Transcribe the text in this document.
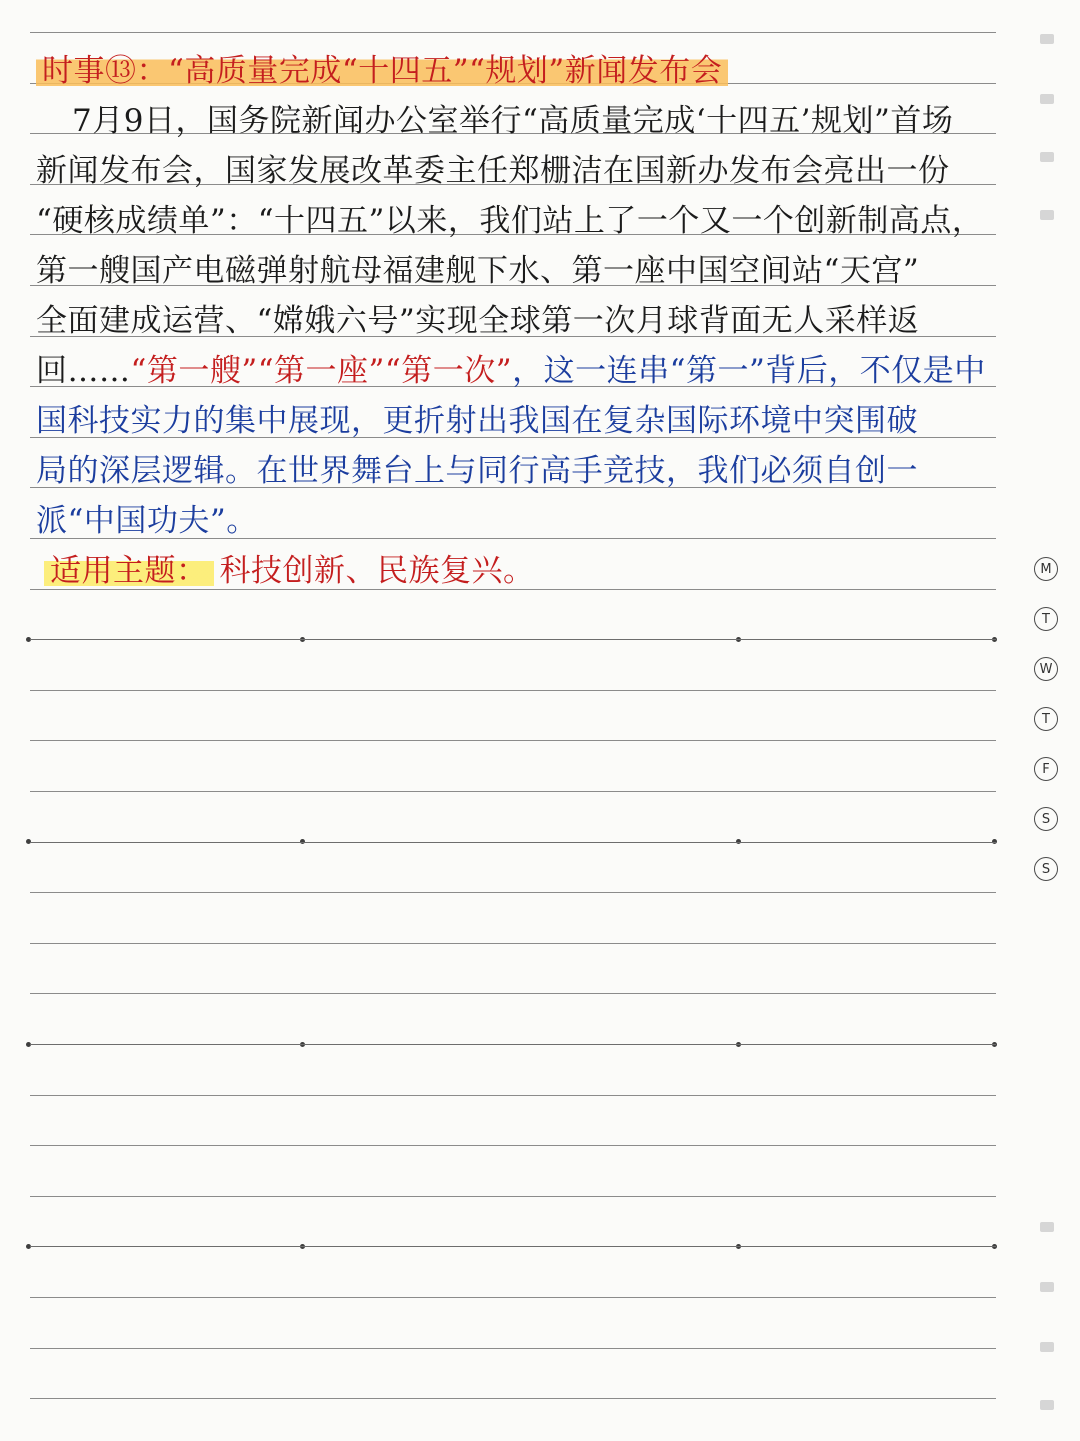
时事⑬：“高质量完成“十四五”“规划”新闻发布会
7月9日，国务院新闻办公室举行“高质量完成‘十四五’规划”首场
新闻发布会，国家发展改革委主任郑栅洁在国新办发布会亮出一份
“硬核成绩单”：“十四五”以来，我们站上了一个又一个创新制高点，
第一艘国产电磁弹射航母福建舰下水、第一座中国空间站“天宫”
全面建成运营、“嫦娥六号”实现全球第一次月球背面无人采样返
回……“第一艘”“第一座”“第一次”，这一连串“第一”背后，不仅是中
国科技实力的集中展现，更折射出我国在复杂国际环境中突围破
局的深层逻辑。在世界舞台上与同行高手竞技，我们必须自创一
派“中国功夫”。
适用主题： 科技创新、民族复兴。	M
T
W
T
F
S
S
